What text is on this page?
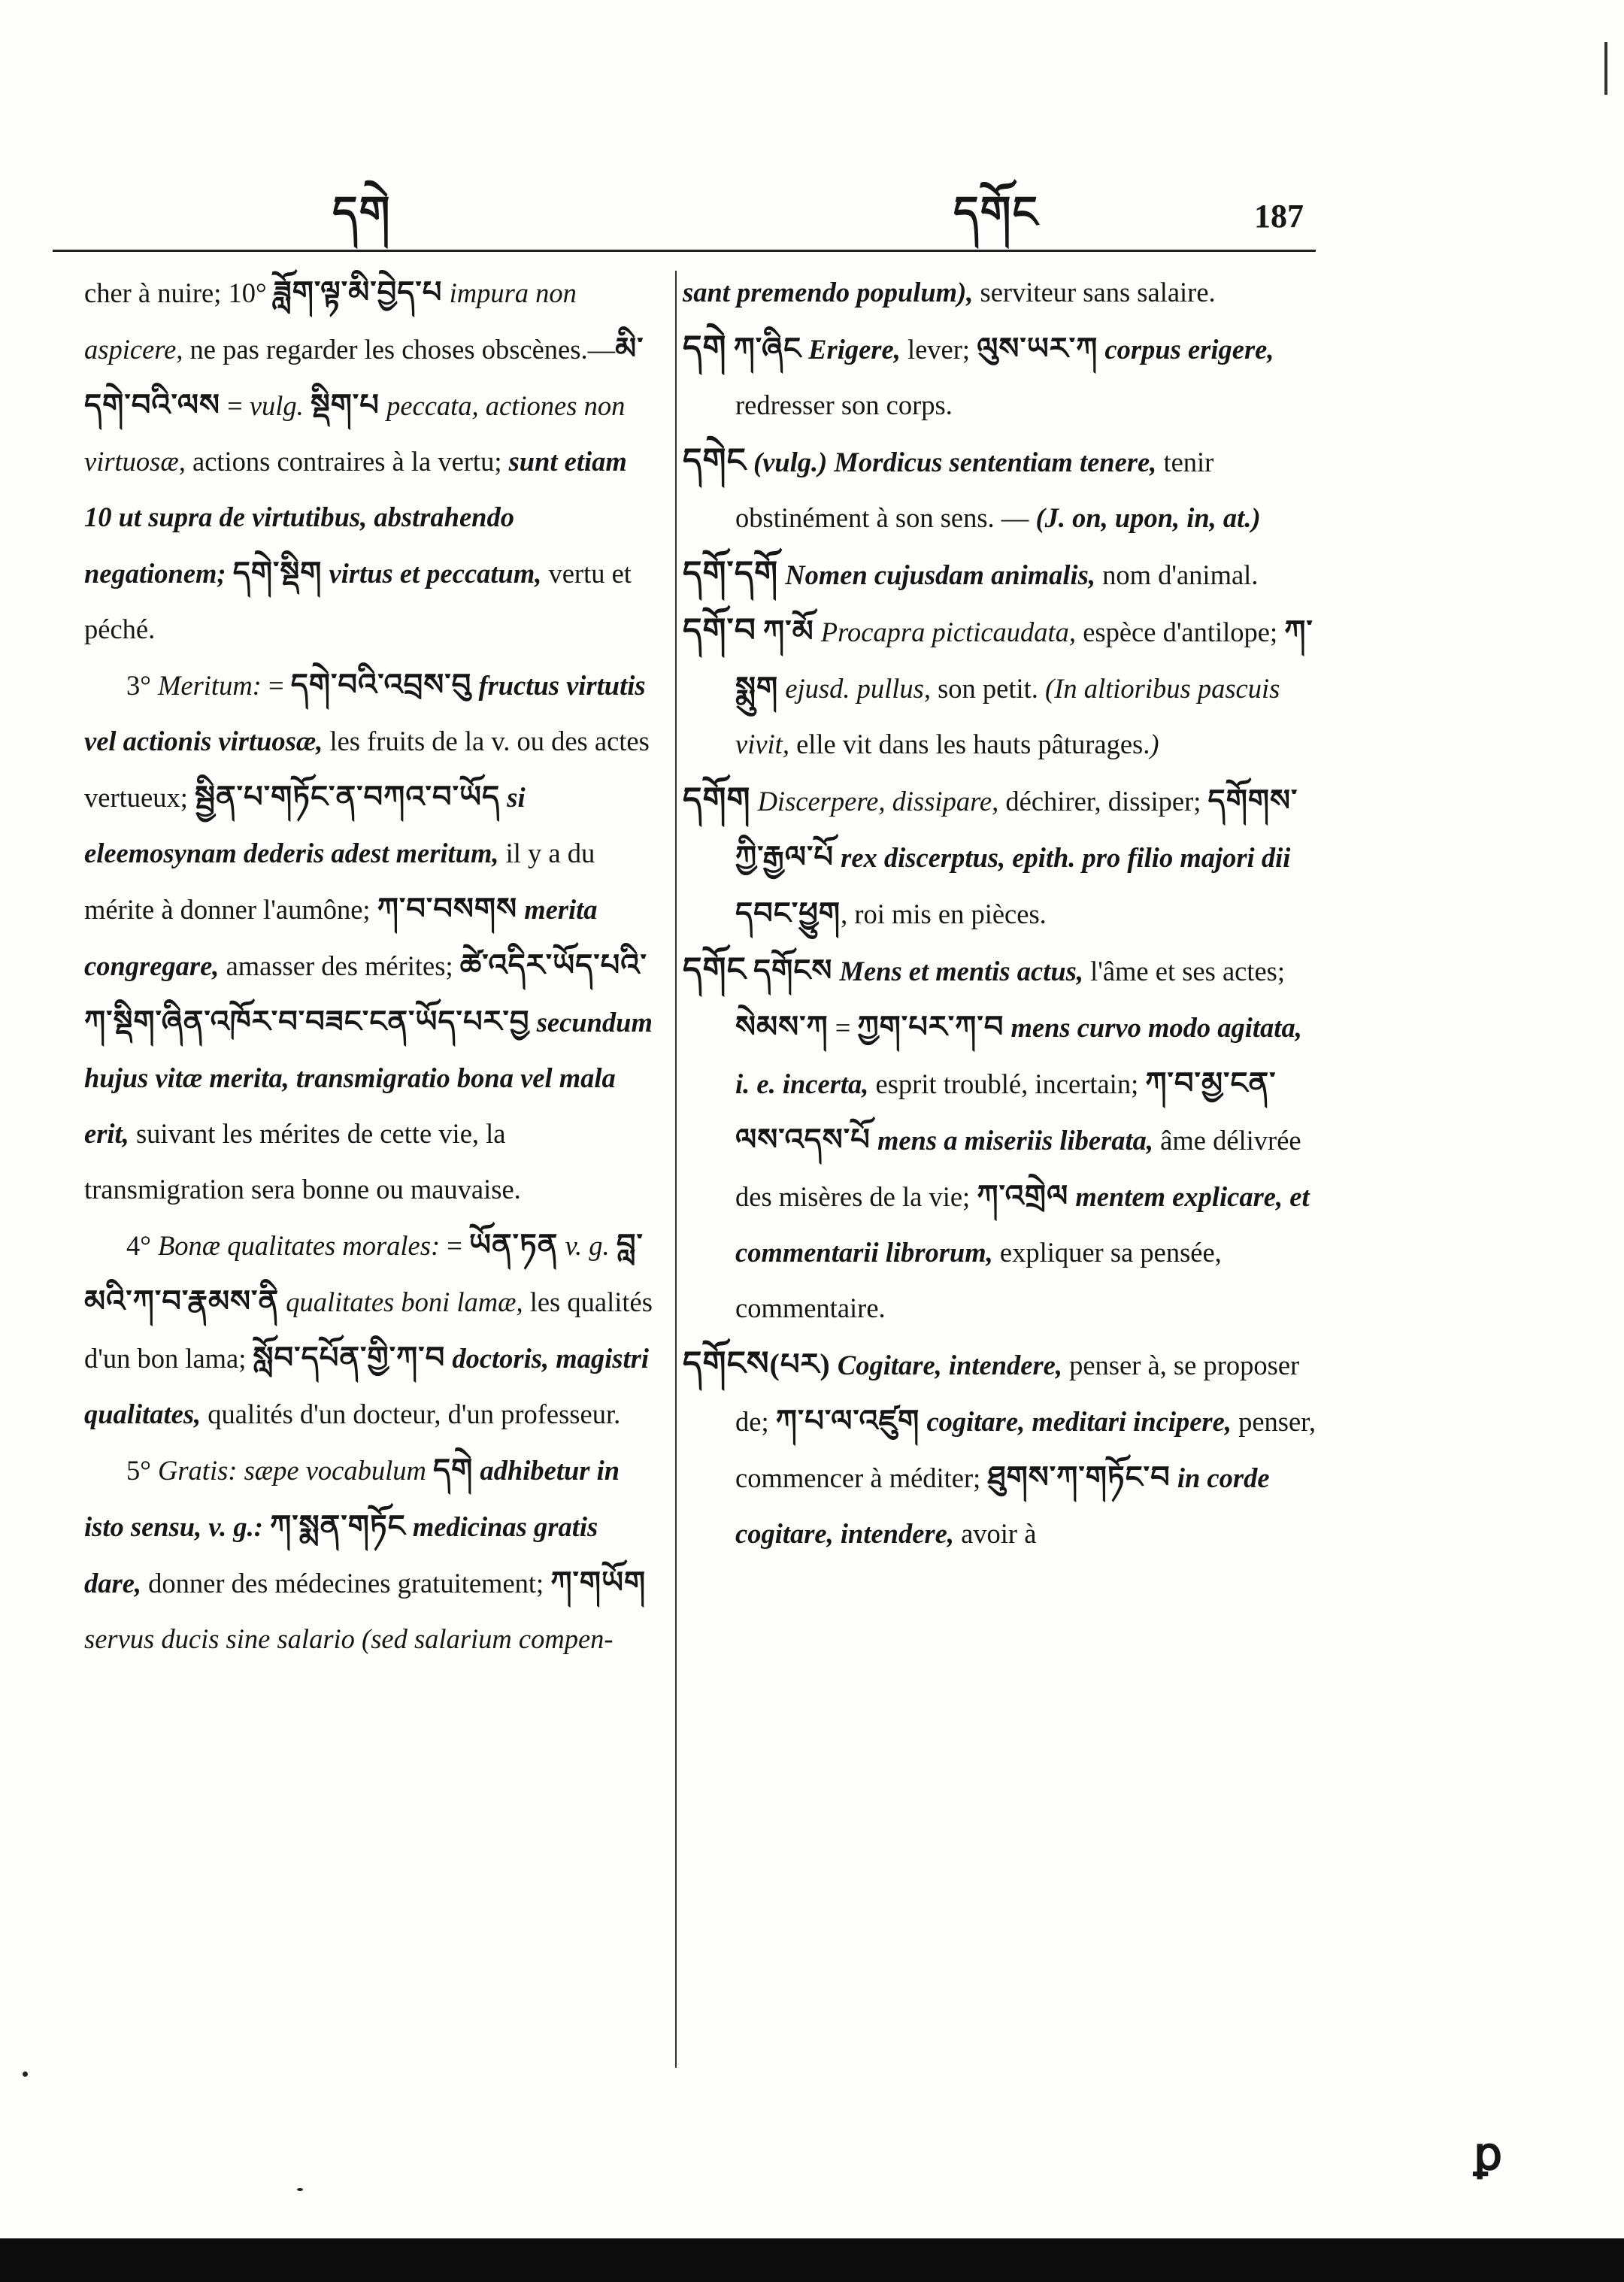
དགེ	དགོང	187

cher à nuire; 10° ཟློག་ལྟ་མི་བྱེད་པ impura non aspicere, ne pas regarder les choses obscènes.—མི་དགེ་བའི་ལས = vulg. སྡིག་པ peccata, actiones non virtuosæ, actions contraires à la vertu; sunt etiam 10 ut supra de virtutibus, abstrahendo negationem; དགེ་སྡིག virtus et peccatum, vertu et péché.

3° Meritum: = དགེ་བའི་འབྲས་བུ fructus virtutis vel actionis virtuosæ, les fruits de la v. ou des actes vertueux; སྦྱིན་པ་གཏོང་ན་བཀའ་བ་ཡོད si eleemosynam dederis adest meritum, il y a du mérite à donner l'aumône; ཀ་བ་བསགས merita congregare, amasser des mérites; ཚེ་འདིར་ཡོད་པའི་ཀ་སྡིག་ཞིན་འཁོར་བ་བཟང་ངན་ཡོད་པར་བྱ secundum hujus vitæ merita, transmigratio bona vel mala erit, suivant les mérites de cette vie, la transmigration sera bonne ou mauvaise.

4° Bonæ qualitates morales: = ཡོན་ཏན v. g. བླ་མའི་ཀ་བ་རྣམས་ནི qualitates boni lamæ, les qualités d'un bon lama; སློབ་དཔོན་གྱི་ཀ་བ doctoris, magistri qualitates, qualités d'un docteur, d'un professeur.

5° Gratis: sæpe vocabulum དགེ adhibetur in isto sensu, v. g.: ཀ་སྨན་གཏོང medicinas gratis dare, donner des médecines gratuitement; ཀ་གཡོག servus ducis sine salario (sed salarium compen-

sant premendo populum), serviteur sans salaire.

དགེ ཀ་ཞིང Erigere, lever; ལུས་ཡར་ཀ corpus erigere, redresser son corps.

དགེང (vulg.) Mordicus sententiam tenere, tenir obstinément à son sens. — (J. on, upon, in, at.)

དགོ་དགོ Nomen cujusdam animalis, nom d'animal.

དགོ་བ ཀ་མོ Procapra picticaudata, espèce d'antilope; ཀ་སྨུག ejusd. pullus, son petit. (In altioribus pascuis vivit, elle vit dans les hauts pâturages.)

དགོག Discerpere, dissipare, déchirer, dissiper; དགོགས་ཀྱི་རྒྱལ་པོ rex discerptus, epith. pro filio majori dii དབང་ཕྱུག, roi mis en pièces.

དགོང དགོངས Mens et mentis actus, l'âme et ses actes; སེམས་ཀ = ཀྱག་པར་ཀ་བ mens curvo modo agitata, i. e. incerta, esprit troublé, incertain; ཀ་བ་མྱ་ངན་ལས་འདས་པོ mens a miseriis liberata, âme délivrée des misères de la vie; ཀ་འགྲེལ mentem explicare, et commentarii librorum, expliquer sa pensée, commentaire.

དགོངས(པར) Cogitare, intendere, penser à, se proposer de; ཀ་པ་ལ་འཛུག cogitare, meditari incipere, penser, commencer à méditer; ཐུགས་ཀ་གཏོང་བ in corde cogitare, intendere, avoir à

ꝑ
